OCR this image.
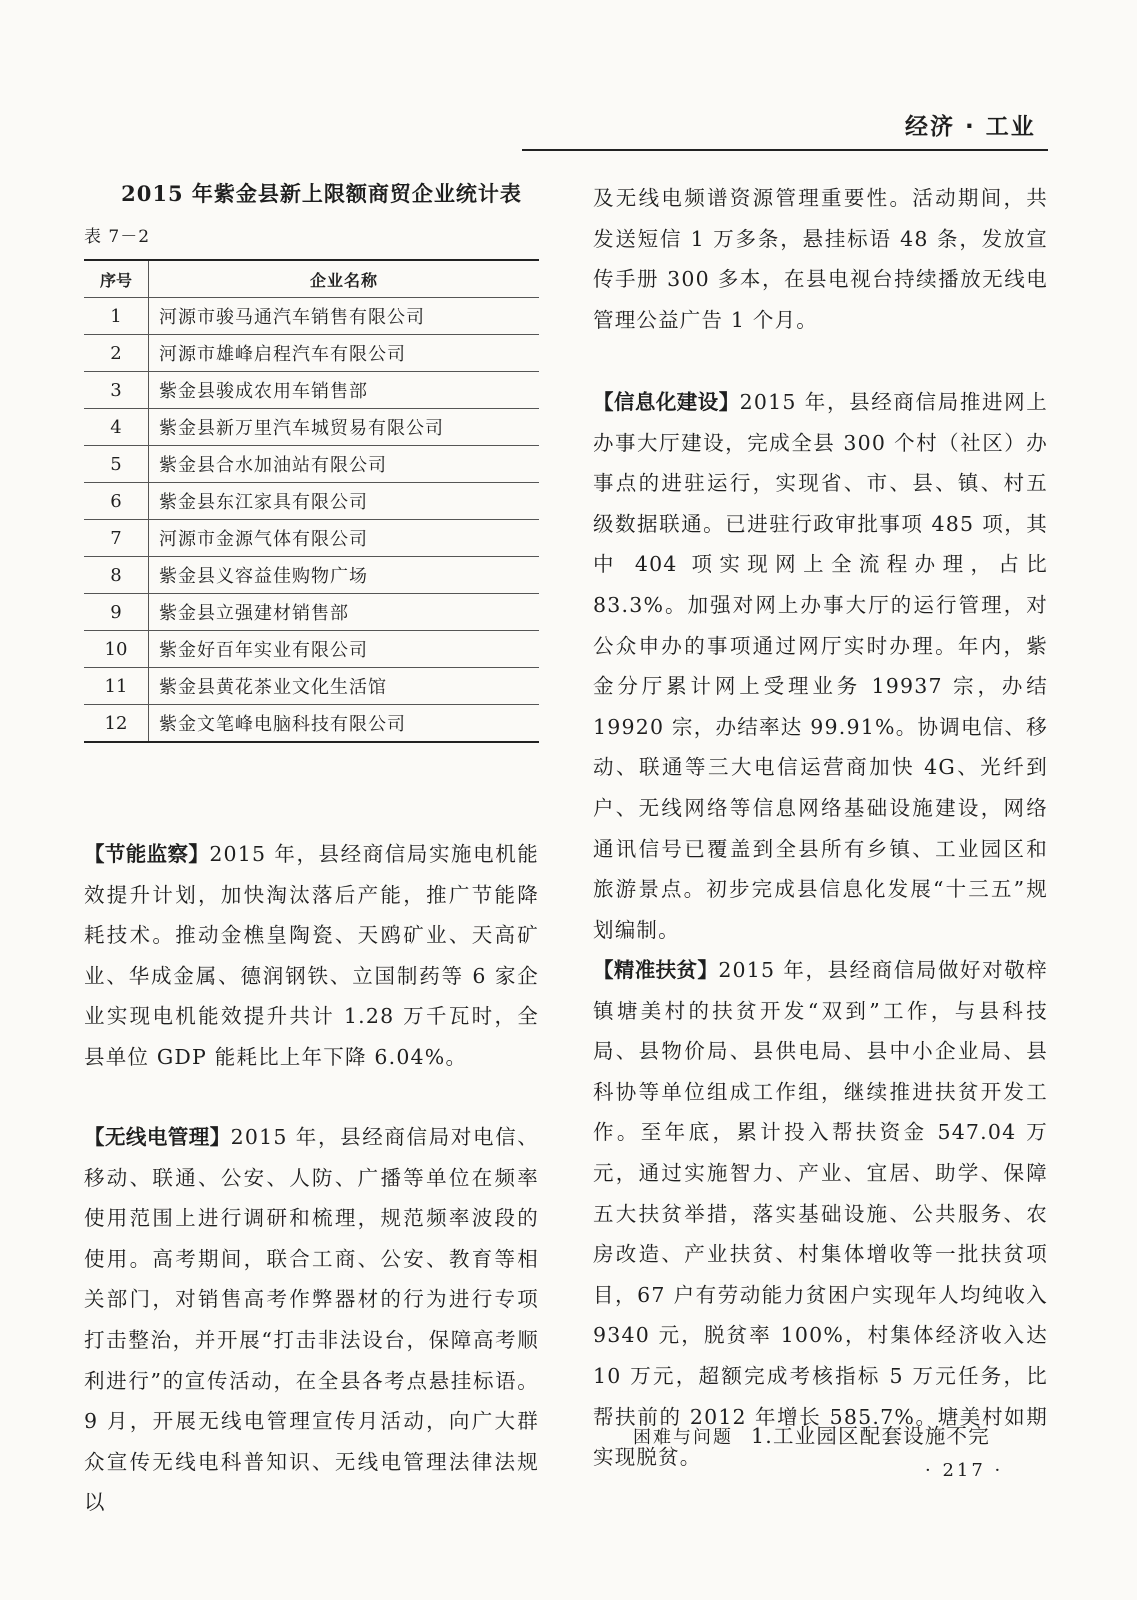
经济 · 工业
2015 年紫金县新上限额商贸企业统计表
表 7－2
序号	企业名称
1	河源市骏马通汽车销售有限公司
2	河源市雄峰启程汽车有限公司
3	紫金县骏成农用车销售部
4	紫金县新万里汽车城贸易有限公司
5	紫金县合水加油站有限公司
6	紫金县东江家具有限公司
7	河源市金源气体有限公司
8	紫金县义容益佳购物广场
9	紫金县立强建材销售部
10	紫金好百年实业有限公司
11	紫金县黄花茶业文化生活馆
12	紫金文笔峰电脑科技有限公司
【节能监察】2015 年，县经商信局实施电机能效提升计划，加快淘汰落后产能，推广节能降耗技术。推动金樵皇陶瓷、天鸥矿业、天高矿业、华成金属、德润钢铁、立国制药等 6 家企业实现电机能效提升共计 1.28 万千瓦时，全县单位 GDP 能耗比上年下降 6.04%。
【无线电管理】2015 年，县经商信局对电信、移动、联通、公安、人防、广播等单位在频率使用范围上进行调研和梳理，规范频率波段的使用。高考期间，联合工商、公安、教育等相关部门，对销售高考作弊器材的行为进行专项打击整治，并开展“打击非法设台，保障高考顺利进行”的宣传活动，在全县各考点悬挂标语。9 月，开展无线电管理宣传月活动，向广大群众宣传无线电科普知识、无线电管理法律法规以
及无线电频谱资源管理重要性。活动期间，共发送短信 1 万多条，悬挂标语 48 条，发放宣传手册 300 多本，在县电视台持续播放无线电管理公益广告 1 个月。
【信息化建设】2015 年，县经商信局推进网上办事大厅建设，完成全县 300 个村（社区）办事点的进驻运行，实现省、市、县、镇、村五级数据联通。已进驻行政审批事项 485 项，其中 404 项实现网上全流程办理，占比 83.3%。加强对网上办事大厅的运行管理，对公众申办的事项通过网厅实时办理。年内，紫金分厅累计网上受理业务 19937 宗，办结 19920 宗，办结率达 99.91%。协调电信、移动、联通等三大电信运营商加快 4G、光纤到户、无线网络等信息网络基础设施建设，网络通讯信号已覆盖到全县所有乡镇、工业园区和旅游景点。初步完成县信息化发展“十三五”规划编制。
【精准扶贫】2015 年，县经商信局做好对敬梓镇塘美村的扶贫开发“双到”工作，与县科技局、县物价局、县供电局、县中小企业局、县科协等单位组成工作组，继续推进扶贫开发工作。至年底，累计投入帮扶资金 547.04 万元，通过实施智力、产业、宜居、助学、保障五大扶贫举措，落实基础设施、公共服务、农房改造、产业扶贫、村集体增收等一批扶贫项目，67 户有劳动能力贫困户实现年人均纯收入 9340 元，脱贫率 100%，村集体经济收入达 10 万元，超额完成考核指标 5 万元任务，比帮扶前的 2012 年增长 585.7%。塘美村如期实现脱贫。
困难与问题 1.工业园区配套设施不完
· 217 ·
